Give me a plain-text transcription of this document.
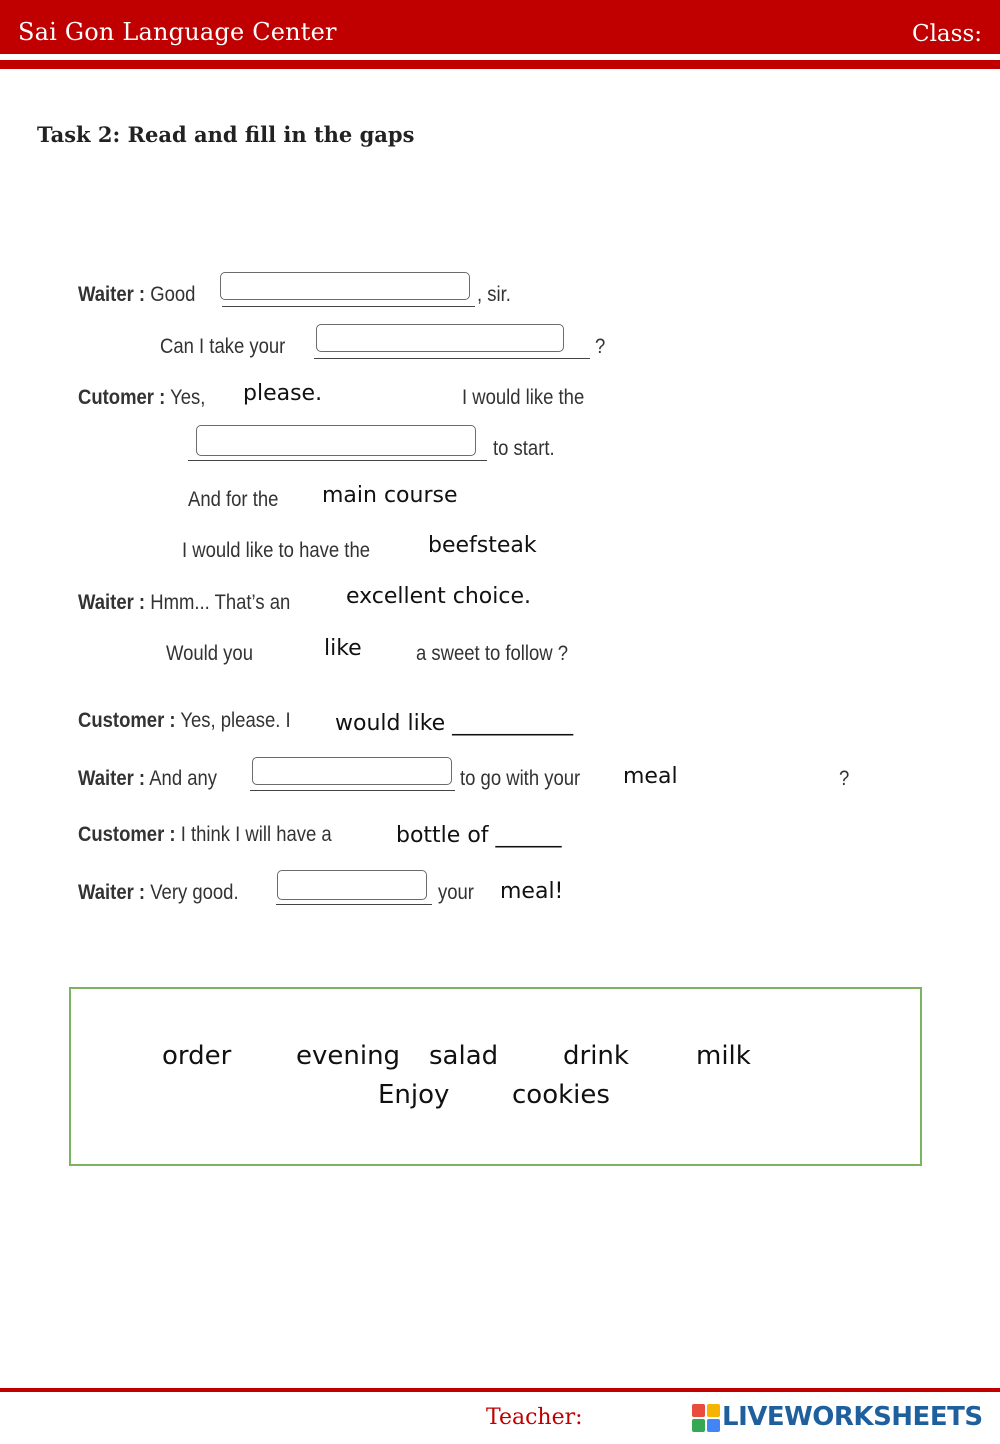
Sai Gon Language Center	Class:
Task 2: Read and fill in the gaps
Waiter : Good	, sir.
Can I take your	?
Cutomer : Yes, please.	I would like the
to start.
And for the main course
I would like to have the	beefsteak
Waiter : Hmm... That’s an	excellent choice.
Would you	like	a sweet to follow ?
Customer : Yes, please. I would like ___________
Waiter : And any	to go with your meal	?
Customer : I think I will have a	bottle of ______
Waiter : Very good.	your meal!
order evening salad drink	milk
Enjoy cookies
Teacher:	LIVEWORKSHEETS
